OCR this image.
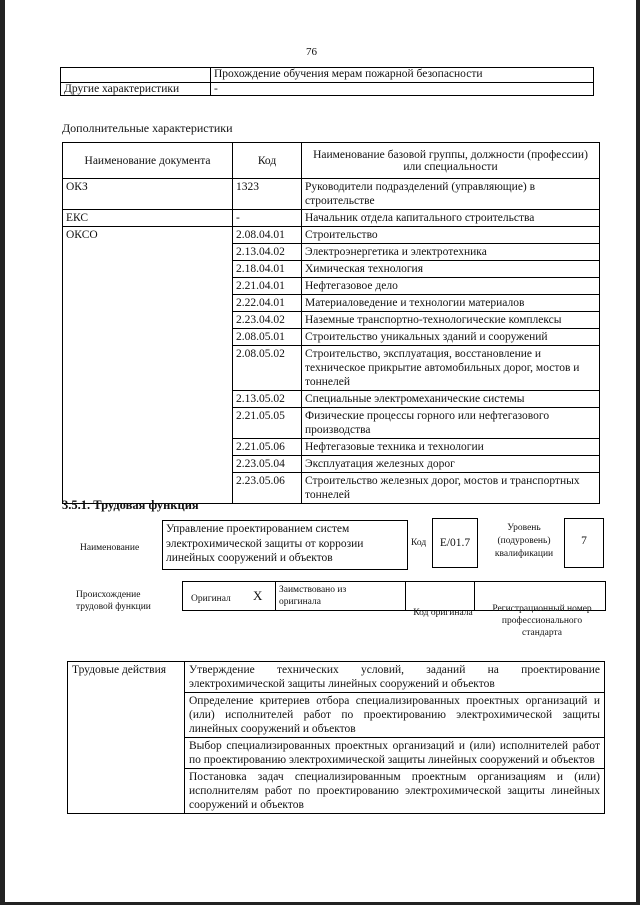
76
	Прохождение обучения мерам пожарной безопасности
Другие характеристики	-
Дополнительные характеристики
Наименование документа	Код	Наименование базовой группы, должности (профессии) или специальности
ОКЗ	1323	Руководители подразделений (управляющие) в строительстве
ЕКС	-	Начальник отдела капитального строительства
ОКСО	2.08.04.01	Строительство
	2.13.04.02	Электроэнергетика и электротехника
	2.18.04.01	Химическая технология
	2.21.04.01	Нефтегазовое дело
	2.22.04.01	Материаловедение и технологии материалов
	2.23.04.02	Наземные транспортно-технологические комплексы
	2.08.05.01	Строительство уникальных зданий и сооружений
	2.08.05.02	Строительство, эксплуатация, восстановление и техническое прикрытие автомобильных дорог, мостов и тоннелей
	2.13.05.02	Специальные электромеханические системы
	2.21.05.05	Физические процессы горного или нефтегазового производства
	2.21.05.06	Нефтегазовые техника и технологии
	2.23.05.04	Эксплуатация железных дорог
	2.23.05.06	Строительство железных дорог, мостов и транспортных тоннелей
3.5.1. Трудовая функция
Наименование
Управление проектированием систем электрохимической защиты от коррозии линейных сооружений и объектов
Код	E/01.7
Уровень (подуровень) квалификации
7
Происхождение трудовой функции
Оригинал X Заимствовано из оригинала
Код оригинала	Регистрационный номер профессионального стандарта
Трудовые действия	Утверждение технических условий, заданий на проектирование электрохимической защиты линейных сооружений и объектов
Определение критериев отбора специализированных проектных организаций и (или) исполнителей работ по проектированию электрохимической защиты линейных сооружений и объектов
Выбор специализированных проектных организаций и (или) исполнителей работ по проектированию электрохимической защиты линейных сооружений и объектов
Постановка задач специализированным проектным организациям и (или) исполнителям работ по проектированию электрохимической защиты линейных сооружений и объектов
